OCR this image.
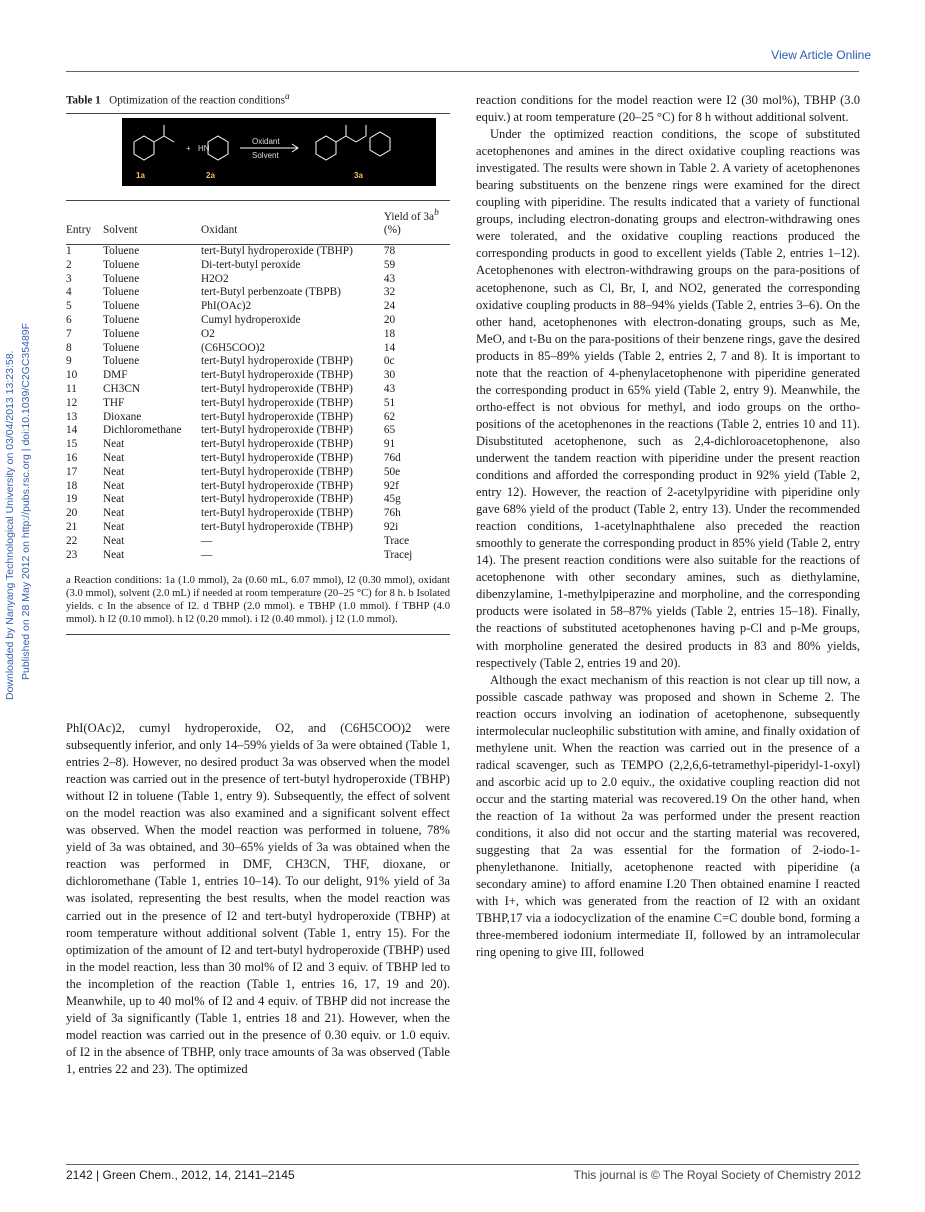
View Article Online
Downloaded by Nanyang Technological University on 03/04/2013 13:23:58. Published on 28 May 2012 on http://pubs.rsc.org | doi:10.1039/C2GC35489F
Table 1 Optimization of the reaction conditions$^a$
1a	2a	3a
+ HN
Oxidant
Solvent
Entry	Solvent	Oxidant	Yield of $3a^b$
(%)
1	Toluene	tert-Butyl hydroperoxide (TBHP)	78
2	Toluene	Di-tert-butyl peroxide	59
3	Toluene	H2O2	43
4	Toluene	tert-Butyl perbenzoate (TBPB)	32
5	Toluene	PhI(OAc)2	24
6	Toluene	Cumyl hydroperoxide	20
7	Toluene	O2	18
8	Toluene	(C6H5COO)2	14
9	Toluene	tert-Butyl hydroperoxide (TBHP)	0c
10	DMF	tert-Butyl hydroperoxide (TBHP)	30
11	CH3CN	tert-Butyl hydroperoxide (TBHP)	43
12	THF	tert-Butyl hydroperoxide (TBHP)	51
13	Dioxane	tert-Butyl hydroperoxide (TBHP)	62
14	Dichloromethane	tert-Butyl hydroperoxide (TBHP)	65
15	Neat	tert-Butyl hydroperoxide (TBHP)	91
16	Neat	tert-Butyl hydroperoxide (TBHP)	76d
17	Neat	tert-Butyl hydroperoxide (TBHP)	50e
18	Neat	tert-Butyl hydroperoxide (TBHP)	92f
19	Neat	tert-Butyl hydroperoxide (TBHP)	45g
20	Neat	tert-Butyl hydroperoxide (TBHP)	76h
21	Neat	tert-Butyl hydroperoxide (TBHP)	92i
22	Neat	—	Trace
23	Neat	—	Tracej
a Reaction conditions: 1a (1.0 mmol), 2a (0.60 mL, 6.07 mmol), I2 (0.30 mmol), oxidant (3.0 mmol), solvent (2.0 mL) if needed at room temperature (20–25 °C) for 8 h. b Isolated yields. c In the absence of I2. d TBHP (2.0 mmol). e TBHP (1.0 mmol). f TBHP (4.0 mmol). h I2 (0.10 mmol). h I2 (0.20 mmol). i I2 (0.40 mmol). j I2 (1.0 mmol).

PhI(OAc)2, cumyl hydroperoxide, O2, and (C6H5COO)2 were subsequently inferior, and only 14–59% yields of 3a were obtained (Table 1, entries 2–8). However, no desired product 3a was observed when the model reaction was carried out in the presence of tert-butyl hydroperoxide (TBHP) without I2 in toluene (Table 1, entry 9). Subsequently, the effect of solvent on the model reaction was also examined and a significant solvent effect was observed. When the model reaction was performed in toluene, 78% yield of 3a was obtained, and 30–65% yields of 3a was obtained when the reaction was performed in DMF, CH3CN, THF, dioxane, or dichloromethane (Table 1, entries 10–14). To our delight, 91% yield of 3a was isolated, representing the best results, when the model reaction was carried out in the presence of I2 and tert-butyl hydroperoxide (TBHP) at room temperature without additional solvent (Table 1, entry 15). For the optimization of the amount of I2 and tert-butyl hydroperoxide (TBHP) used in the model reaction, less than 30 mol% of I2 and 3 equiv. of TBHP led to the incompletion of the reaction (Table 1, entries 16, 17, 19 and 20). Meanwhile, up to 40 mol% of I2 and 4 equiv. of TBHP did not increase the yield of 3a significantly (Table 1, entries 18 and 21). However, when the model reaction was carried out in the presence of 0.30 equiv. or 1.0 equiv. of I2 in the absence of TBHP, only trace amounts of 3a was observed (Table 1, entries 22 and 23). The optimized

reaction conditions for the model reaction were I2 (30 mol%), TBHP (3.0 equiv.) at room temperature (20–25 °C) for 8 h without additional solvent.

Under the optimized reaction conditions, the scope of substituted acetophenones and amines in the direct oxidative coupling reactions was investigated. The results were shown in Table 2. A variety of acetophenones bearing substituents on the benzene rings were examined for the direct coupling with piperidine. The results indicated that a variety of functional groups, including electron-donating groups and electron-withdrawing ones were tolerated, and the oxidative coupling reactions produced the corresponding products in good to excellent yields (Table 2, entries 1–12). Acetophenones with electron-withdrawing groups on the para-positions of acetophenone, such as Cl, Br, I, and NO2, generated the corresponding oxidative coupling products in 88–94% yields (Table 2, entries 3–6). On the other hand, acetophenones with electron-donating groups, such as Me, MeO, and t-Bu on the para-positions of their benzene rings, gave the desired products in 85–89% yields (Table 2, entries 2, 7 and 8). It is important to note that the reaction of 4-phenylacetophenone with piperidine generated the corresponding product in 65% yield (Table 2, entry 9). Meanwhile, the ortho-effect is not obvious for methyl, and iodo groups on the ortho-positions of the acetophenones in the reactions (Table 2, entries 10 and 11). Disubstituted acetophenone, such as 2,4-dichloroacetophenone, also underwent the tandem reaction with piperidine under the present reaction conditions and afforded the corresponding product in 92% yield (Table 2, entry 12). However, the reaction of 2-acetylpyridine with piperidine only gave 68% yield of the product (Table 2, entry 13). Under the recommended reaction conditions, 1-acetylnaphthalene also preceded the reaction smoothly to generate the corresponding product in 85% yield (Table 2, entry 14). The present reaction conditions were also suitable for the reactions of acetophenone with other secondary amines, such as diethylamine, dibenzylamine, 1-methylpiperazine and morpholine, and the corresponding products were isolated in 58–87% yields (Table 2, entries 15–18). Finally, the reactions of substituted acetophenones having p-Cl and p-Me groups, with morpholine generated the desired products in 83 and 80% yields, respectively (Table 2, entries 19 and 20).

Although the exact mechanism of this reaction is not clear up till now, a possible cascade pathway was proposed and shown in Scheme 2. The reaction occurs involving an iodination of acetophenone, subsequently intermolecular nucleophilic substitution with amine, and finally oxidation of methylene unit. When the reaction was carried out in the presence of a radical scavenger, such as TEMPO (2,2,6,6-tetramethyl-piperidyl-1-oxyl) and ascorbic acid up to 2.0 equiv., the oxidative coupling reaction did not occur and the starting material was recovered.19 On the other hand, when the reaction of 1a without 2a was performed under the present reaction conditions, it also did not occur and the starting material was recovered, suggesting that 2a was essential for the formation of 2-iodo-1-phenylethanone. Initially, acetophenone reacted with piperidine (a secondary amine) to afford enamine I.20 Then obtained enamine I reacted with I+, which was generated from the reaction of I2 with an oxidant TBHP,17 via a iodocyclization of the enamine C=C double bond, forming a three-membered iodonium intermediate II, followed by an intramolecular ring opening to give III, followed

2142 | Green Chem., 2012, 14, 2141–2145	This journal is © The Royal Society of Chemistry 2012
